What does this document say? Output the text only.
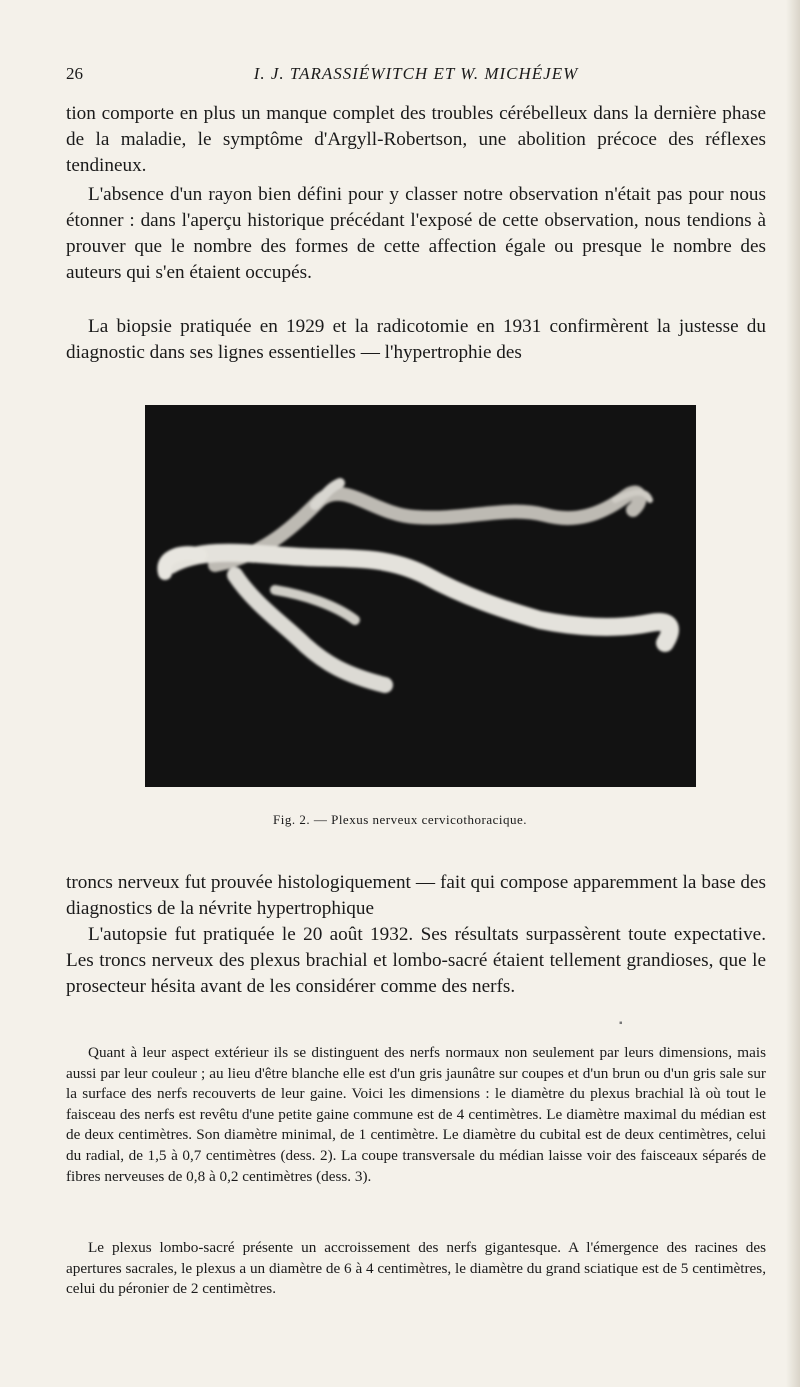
26	I. J. TARASSIÉWITCH ET W. MICHÉJEW

tion comporte en plus un manque complet des troubles cérébelleux dans la dernière phase de la maladie, le symptôme d'Argyll-Robertson, une abolition précoce des réflexes tendineux.

L'absence d'un rayon bien défini pour y classer notre observation n'était pas pour nous étonner : dans l'aperçu historique précédant l'exposé de cette observation, nous tendions à prouver que le nombre des formes de cette affection égale ou presque le nombre des auteurs qui s'en étaient occupés.

La biopsie pratiquée en 1929 et la radicotomie en 1931 confirmèrent la justesse du diagnostic dans ses lignes essentielles — l'hypertrophie des

Fig. 2. — Plexus nerveux cervicothoracique.

troncs nerveux fut prouvée histologiquement — fait qui compose apparemment la base des diagnostics de la névrite hypertrophique

L'autopsie fut pratiquée le 20 août 1932. Ses résultats surpassèrent toute expectative. Les troncs nerveux des plexus brachial et lombo-sacré étaient tellement grandioses, que le prosecteur hésita avant de les considérer comme des nerfs.

▪

Quant à leur aspect extérieur ils se distinguent des nerfs normaux non seulement par leurs dimensions, mais aussi par leur couleur ; au lieu d'être blanche elle est d'un gris jaunâtre sur coupes et d'un brun ou d'un gris sale sur la surface des nerfs recouverts de leur gaine. Voici les dimensions : le diamètre du plexus brachial là où tout le faisceau des nerfs est revêtu d'une petite gaine commune est de 4 centimètres. Le diamètre maximal du médian est de deux centimètres. Son diamètre minimal, de 1 centimètre. Le diamètre du cubital est de deux centimètres, celui du radial, de 1,5 à 0,7 centimètres (dess. 2). La coupe transversale du médian laisse voir des faisceaux séparés de fibres nerveuses de 0,8 à 0,2 centimètres (dess. 3).

Le plexus lombo-sacré présente un accroissement des nerfs gigantesque. A l'émergence des racines des apertures sacrales, le plexus a un diamètre de 6 à 4 centimètres, le diamètre du grand sciatique est de 5 centimètres, celui du péronier de 2 centimètres.
